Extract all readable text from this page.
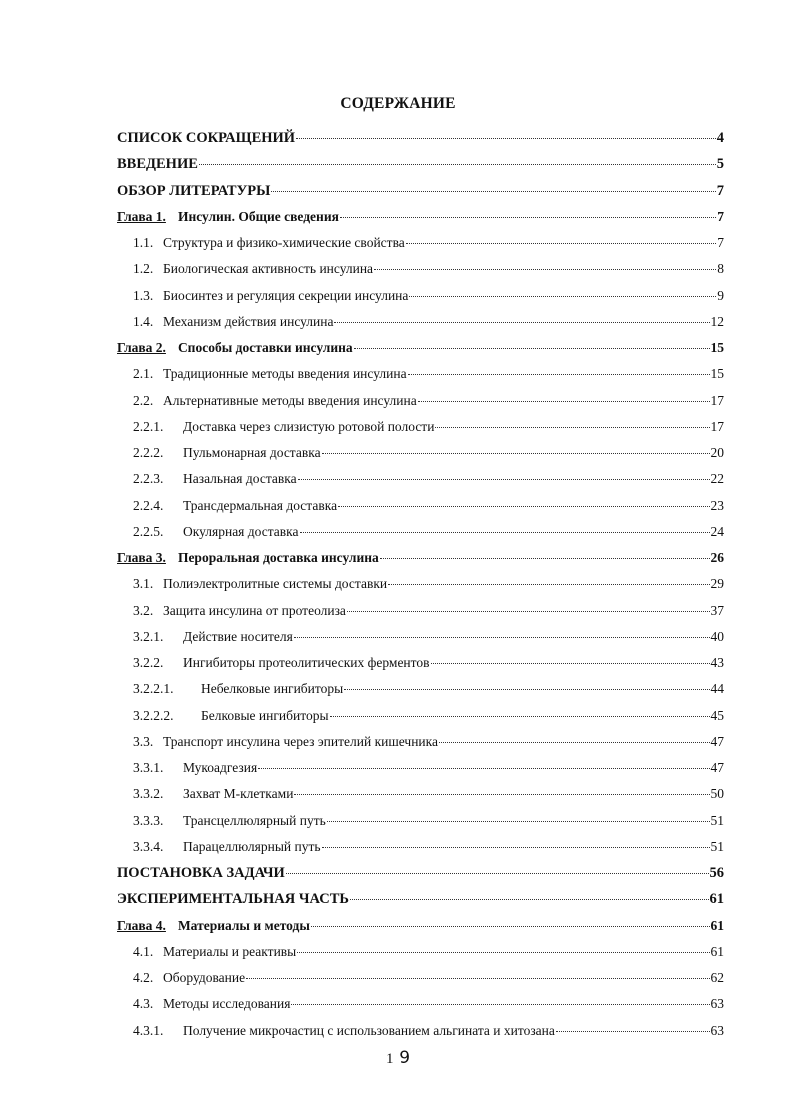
СОДЕРЖАНИЕ
СПИСОК СОКРАЩЕНИЙ	4
ВВЕДЕНИЕ	5
ОБЗОР ЛИТЕРАТУРЫ	7
Глава 1. Инсулин. Общие сведения	7
1.1. Структура и физико-химические свойства	7
1.2. Биологическая активность инсулина	8
1.3. Биосинтез и регуляция секреции инсулина	9
1.4. Механизм действия инсулина	12
Глава 2. Способы доставки инсулина	15
2.1. Традиционные методы введения инсулина	15
2.2. Альтернативные методы введения инсулина	17
2.2.1.	Доставка через слизистую ротовой полости	17
2.2.2.	Пульмонарная доставка	20
2.2.3.	Назальная доставка	22
2.2.4.	Трансдермальная доставка	23
2.2.5.	Окулярная доставка	24
Глава 3. Пероральная доставка инсулина	26
3.1. Полиэлектролитные системы доставки	29
3.2. Защита инсулина от протеолиза	37
3.2.1.	Действие носителя	40
3.2.2.	Ингибиторы протеолитических ферментов	43
3.2.2.1.	Небелковые ингибиторы	44
3.2.2.2.	Белковые ингибиторы	45
3.3. Транспорт инсулина через эпителий кишечника	47
3.3.1.	Мукоадгезия	47
3.3.2.	Захват М-клетками	50
3.3.3.	Трансцеллюлярный путь	51
3.3.4.	Парацеллюлярный путь	51
ПОСТАНОВКА ЗАДАЧИ	56
ЭКСПЕРИМЕНТАЛЬНАЯ ЧАСТЬ	61
Глава 4. Материалы и методы	61
4.1. Материалы и реактивы	61
4.2. Оборудование	62
4.3. Методы исследования	63
4.3.1.	Получение микрочастиц с использованием альгината и хитозана	63
1 9
